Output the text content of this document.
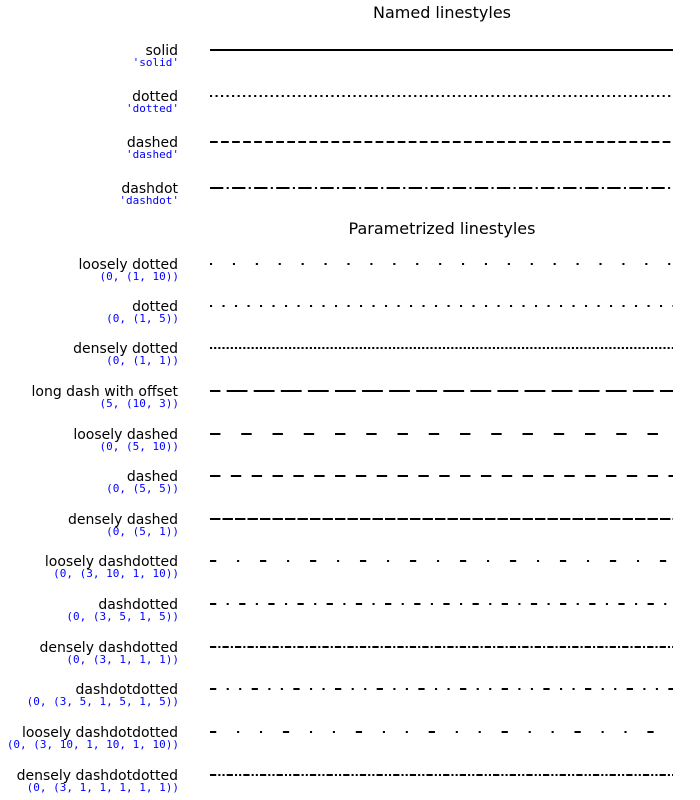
Named linestyles
solid
'solid'
dotted
'dotted'
dashed
'dashed'
dashdot
'dashdot'
Parametrized linestyles
loosely dotted
(0, (1, 10))
dotted
(0, (1, 5))
densely dotted
(0, (1, 1))
long dash with offset
(5, (10, 3))
loosely dashed
(0, (5, 10))
dashed
(0, (5, 5))
densely dashed
(0, (5, 1))
loosely dashdotted
(0, (3, 10, 1, 10))
dashdotted
(0, (3, 5, 1, 5))
densely dashdotted
(0, (3, 1, 1, 1))
dashdotdotted
(0, (3, 5, 1, 5, 1, 5))
loosely dashdotdotted
(0, (3, 10, 1, 10, 1, 10))
densely dashdotdotted
(0, (3, 1, 1, 1, 1, 1))
